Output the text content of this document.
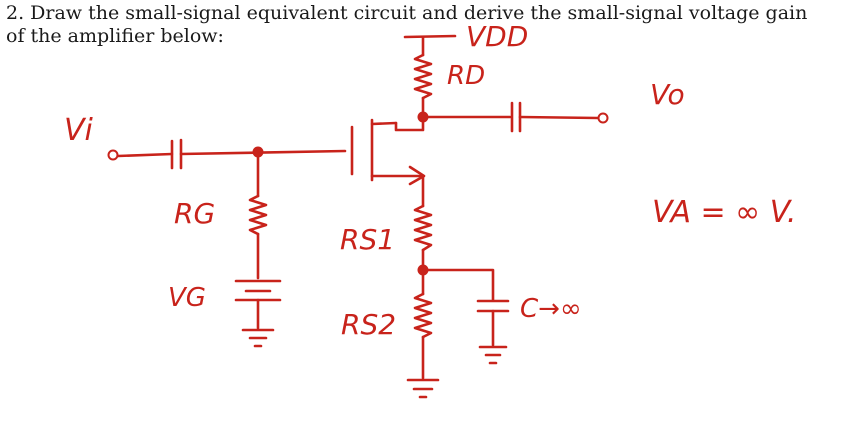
2. Draw the small-signal equivalent circuit and derive the small-signal voltage gain

of the amplifier below:	VDD
RD
Vo
Vi
RG
VG
RS1
RS2	C→∞
VA = ∞ V.
